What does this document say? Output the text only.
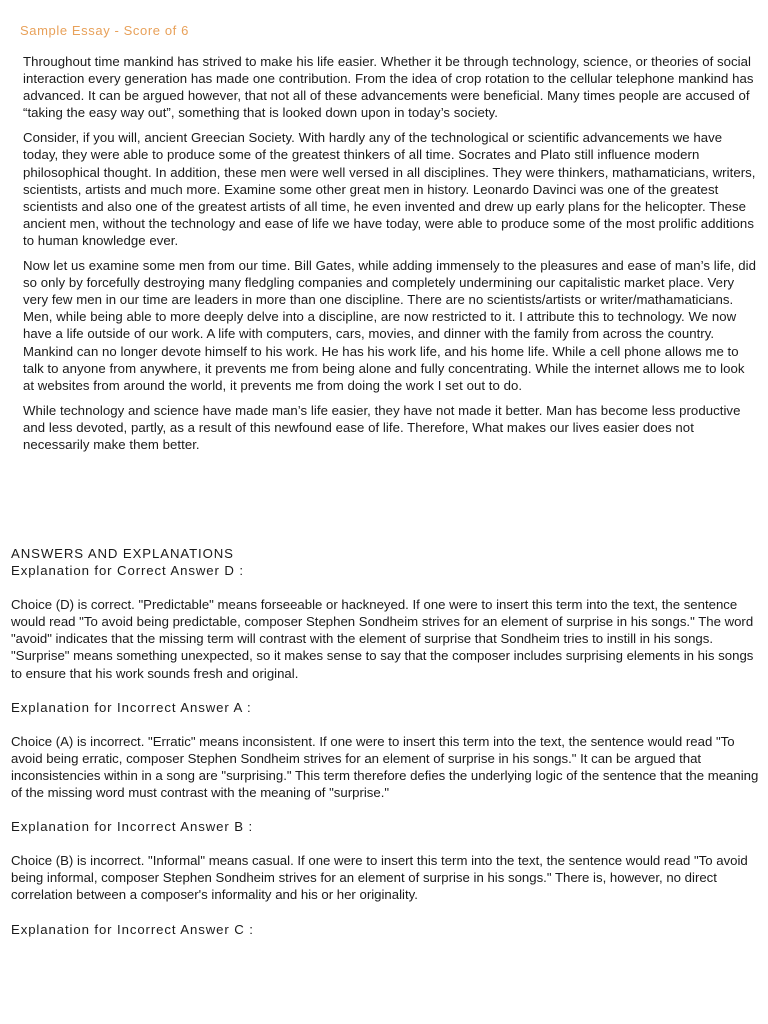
Sample Essay - Score of 6

Throughout time mankind has strived to make his life easier. Whether it be through technology, science, or theories of social interaction every generation has made one contribution. From the idea of crop rotation to the cellular telephone mankind has advanced. It can be argued however, that not all of these advancements were beneficial. Many times people are accused of “taking the easy way out”, something that is looked down upon in today’s society.

Consider, if you will, ancient Greecian Society. With hardly any of the technological or scientific advancements we have today, they were able to produce some of the greatest thinkers of all time. Socrates and Plato still influence modern philosophical thought. In addition, these men were well versed in all disciplines. They were thinkers, mathamaticians, writers, scientists, artists and much more. Examine some other great men in history. Leonardo Davinci was one of the greatest scientists and also one of the greatest artists of all time, he even invented and drew up early plans for the helicopter. These ancient men, without the technology and ease of life we have today, were able to produce some of the most prolific additions to human knowledge ever.

Now let us examine some men from our time. Bill Gates, while adding immensely to the pleasures and ease of man’s life, did so only by forcefully destroying many fledgling companies and completely undermining our capitalistic market place. Very very few men in our time are leaders in more than one discipline. There are no scientists/artists or writer/mathamaticians. Men, while being able to more deeply delve into a discipline, are now restricted to it. I attribute this to technology. We now have a life outside of our work. A life with computers, cars, movies, and dinner with the family from across the country. Mankind can no longer devote himself to his work. He has his work life, and his home life. While a cell phone allows me to talk to anyone from anywhere, it prevents me from being alone and fully concentrating. While the internet allows me to look at websites from around the world, it prevents me from doing the work I set out to do.

While technology and science have made man’s life easier, they have not made it better. Man has become less productive and less devoted, partly, as a result of this newfound ease of life. Therefore, What makes our lives easier does not necessarily make them better.

ANSWERS AND EXPLANATIONS
Explanation for Correct Answer D :
Choice (D) is correct. "Predictable" means forseeable or hackneyed. If one were to insert this term into the text, the sentence would read "To avoid being predictable, composer Stephen Sondheim strives for an element of surprise in his songs." The word "avoid" indicates that the missing term will contrast with the element of surprise that Sondheim tries to instill in his songs. "Surprise" means something unexpected, so it makes sense to say that the composer includes surprising elements in his songs to ensure that his work sounds fresh and original.
Explanation for Incorrect Answer A :
Choice (A) is incorrect. "Erratic" means inconsistent. If one were to insert this term into the text, the sentence would read "To avoid being erratic, composer Stephen Sondheim strives for an element of surprise in his songs." It can be argued that inconsistencies within in a song are "surprising." This term therefore defies the underlying logic of the sentence that the meaning of the missing word must contrast with the meaning of "surprise."
Explanation for Incorrect Answer B :
Choice (B) is incorrect. "Informal" means casual. If one were to insert this term into the text, the sentence would read "To avoid being informal, composer Stephen Sondheim strives for an element of surprise in his songs." There is, however, no direct correlation between a composer's informality and his or her originality.
Explanation for Incorrect Answer C :
